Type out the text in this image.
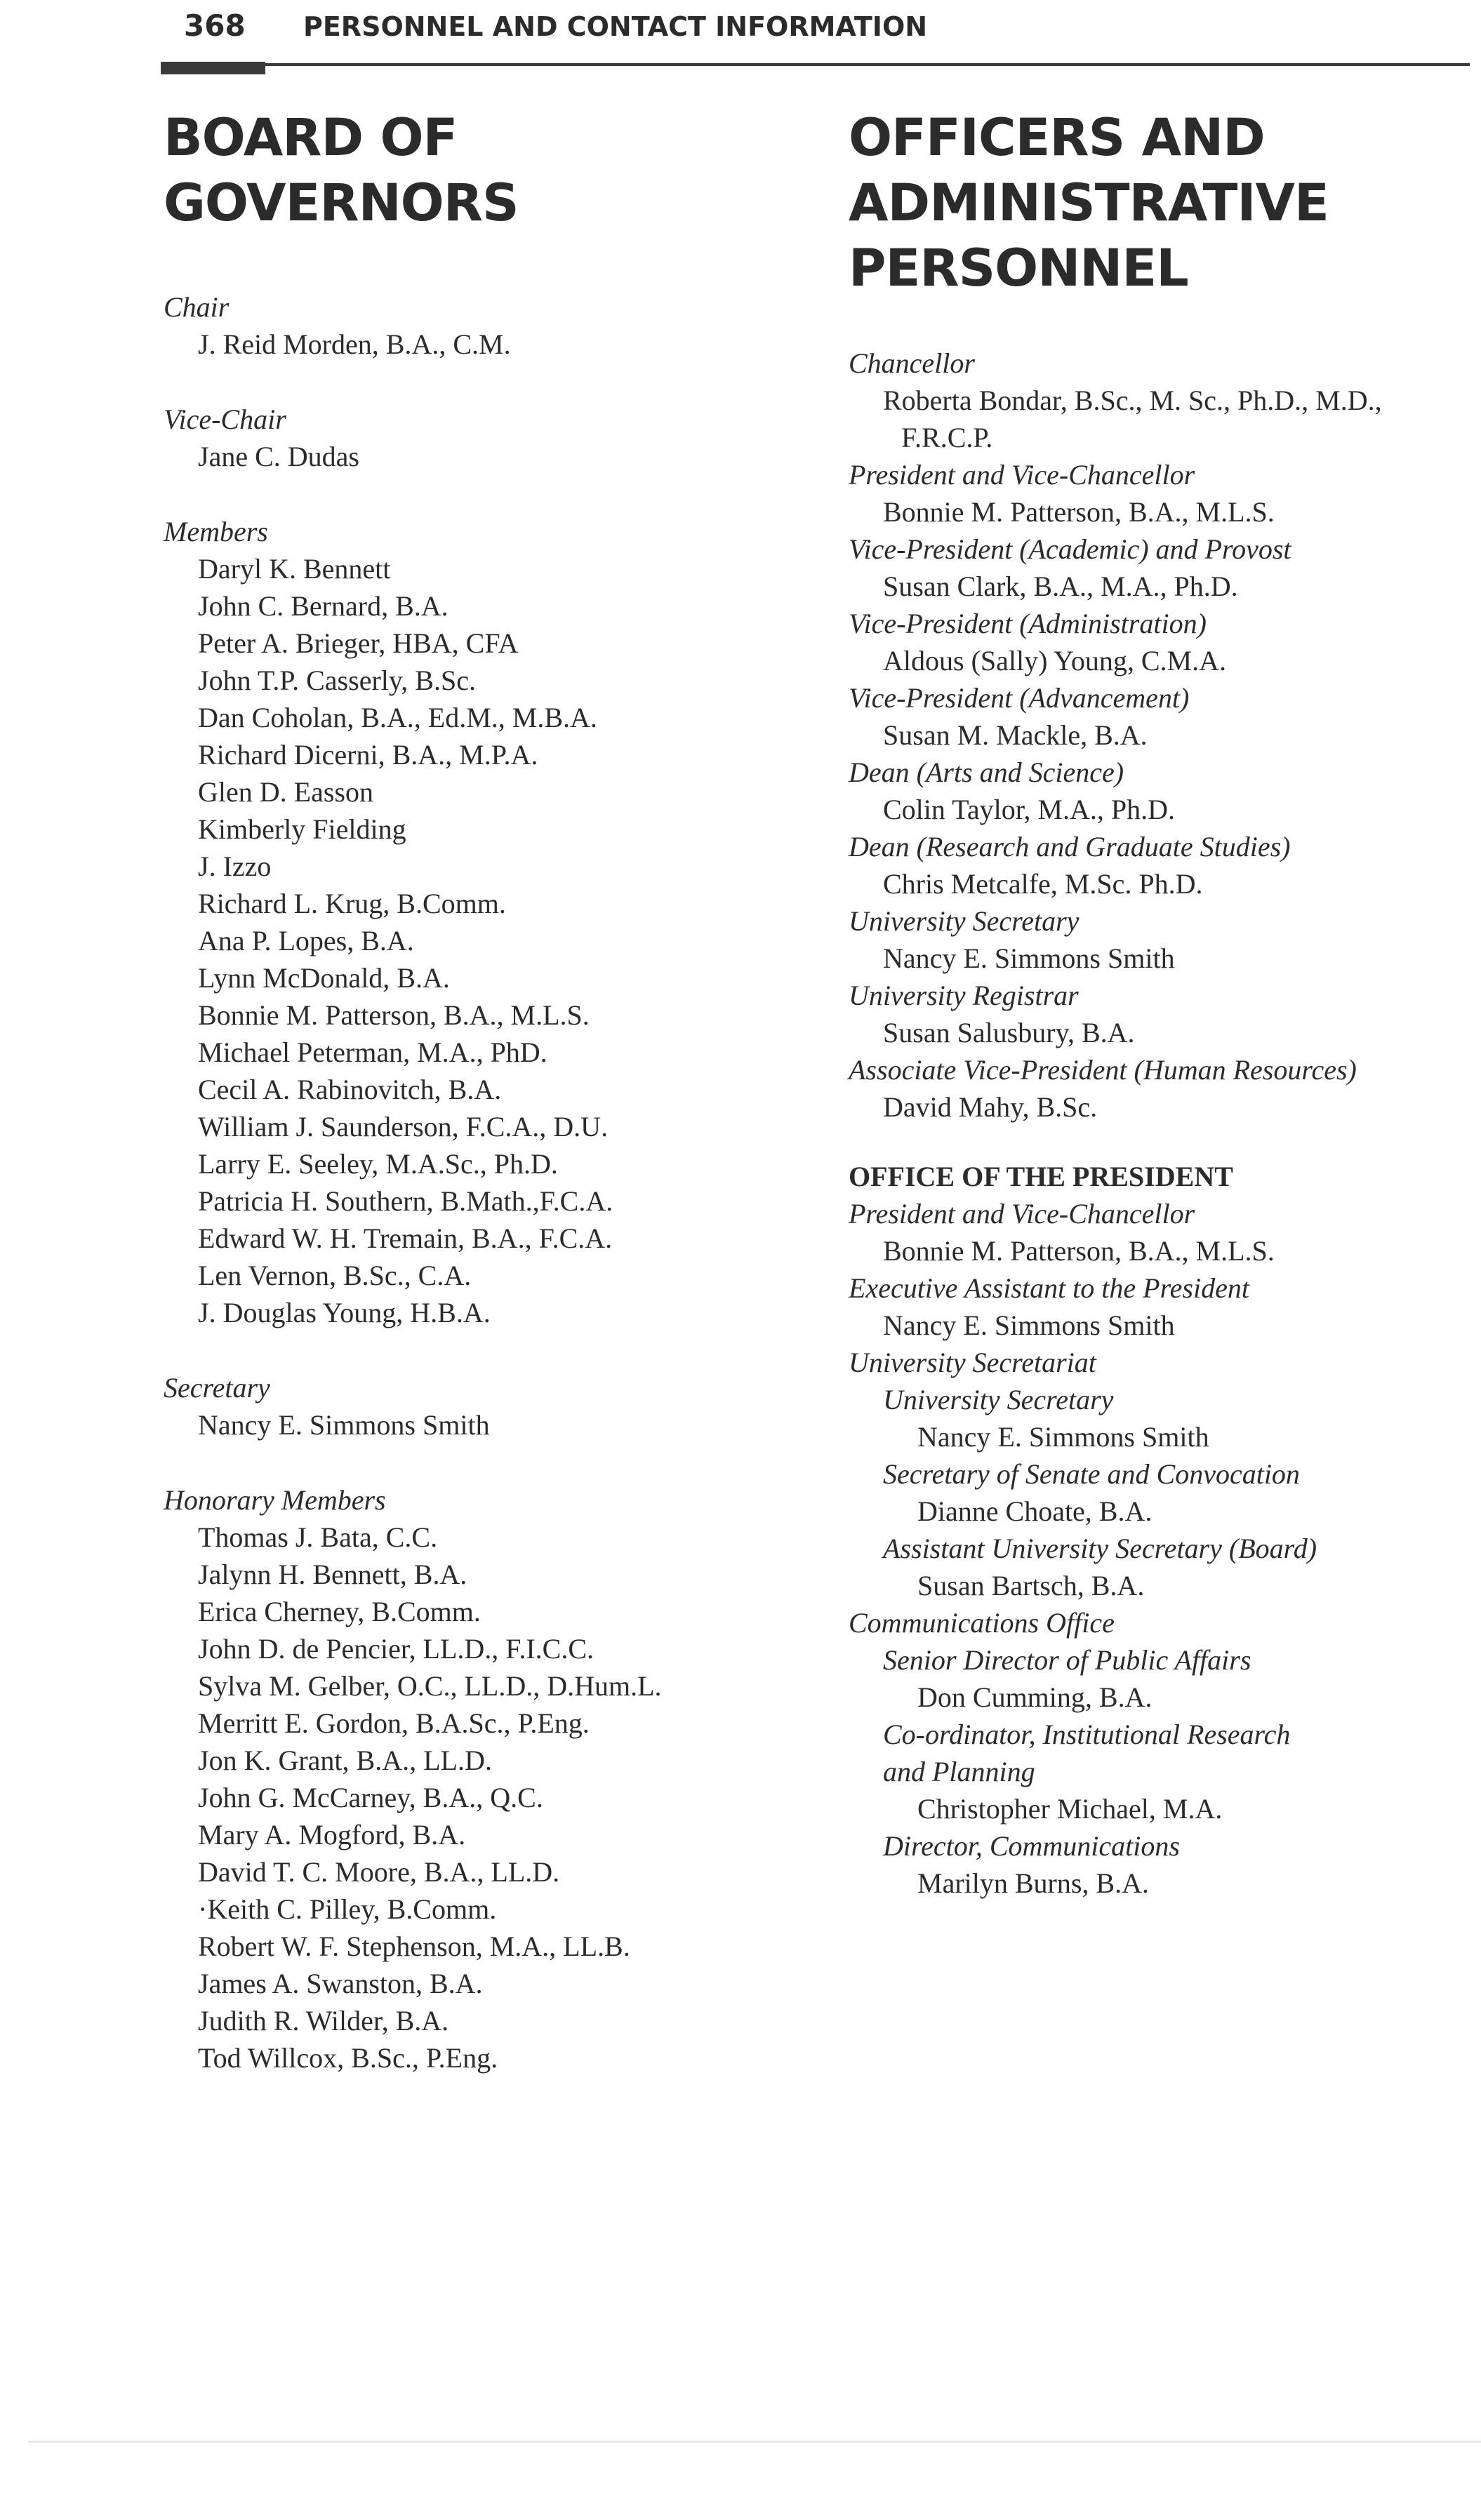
368 PERSONNEL AND CONTACT INFORMATION
BOARD OF
GOVERNORS
Chair
J. Reid Morden, B.A., C.M.
Vice-Chair
Jane C. Dudas
Members
Daryl K. Bennett
John C. Bernard, B.A.
Peter A. Brieger, HBA, CFA
John T.P. Casserly, B.Sc.
Dan Coholan, B.A., Ed.M., M.B.A.
Richard Dicerni, B.A., M.P.A.
Glen D. Easson
Kimberly Fielding
J. Izzo
Richard L. Krug, B.Comm.
Ana P. Lopes, B.A.
Lynn McDonald, B.A.
Bonnie M. Patterson, B.A., M.L.S.
Michael Peterman, M.A., PhD.
Cecil A. Rabinovitch, B.A.
William J. Saunderson, F.C.A., D.U.
Larry E. Seeley, M.A.Sc., Ph.D.
Patricia H. Southern, B.Math.,F.C.A.
Edward W. H. Tremain, B.A., F.C.A.
Len Vernon, B.Sc., C.A.
J. Douglas Young, H.B.A.
Secretary
Nancy E. Simmons Smith
Honorary Members
Thomas J. Bata, C.C.
Jalynn H. Bennett, B.A.
Erica Cherney, B.Comm.
John D. de Pencier, LL.D., F.I.C.C.
Sylva M. Gelber, O.C., LL.D., D.Hum.L.
Merritt E. Gordon, B.A.Sc., P.Eng.
Jon K. Grant, B.A., LL.D.
John G. McCarney, B.A., Q.C.
Mary A. Mogford, B.A.
David T. C. Moore, B.A., LL.D.
·Keith C. Pilley, B.Comm.
Robert W. F. Stephenson, M.A., LL.B.
James A. Swanston, B.A.
Judith R. Wilder, B.A.
Tod Willcox, B.Sc., P.Eng.
OFFICERS AND
ADMINISTRATIVE
PERSONNEL
Chancellor
Roberta Bondar, B.Sc., M. Sc., Ph.D., M.D.,
F.R.C.P.
President and Vice-Chancellor
Bonnie M. Patterson, B.A., M.L.S.
Vice-President (Academic) and Provost
Susan Clark, B.A., M.A., Ph.D.
Vice-President (Administration)
Aldous (Sally) Young, C.M.A.
Vice-President (Advancement)
Susan M. Mackle, B.A.
Dean (Arts and Science)
Colin Taylor, M.A., Ph.D.
Dean (Research and Graduate Studies)
Chris Metcalfe, M.Sc. Ph.D.
University Secretary
Nancy E. Simmons Smith
University Registrar
Susan Salusbury, B.A.
Associate Vice-President (Human Resources)
David Mahy, B.Sc.
OFFICE OF THE PRESIDENT
President and Vice-Chancellor
Bonnie M. Patterson, B.A., M.L.S.
Executive Assistant to the President
Nancy E. Simmons Smith
University Secretariat
University Secretary
Nancy E. Simmons Smith
Secretary of Senate and Convocation
Dianne Choate, B.A.
Assistant University Secretary (Board)
Susan Bartsch, B.A.
Communications Office
Senior Director of Public Affairs
Don Cumming, B.A.
Co-ordinator, Institutional Research
and Planning
Christopher Michael, M.A.
Director, Communications
Marilyn Burns, B.A.
